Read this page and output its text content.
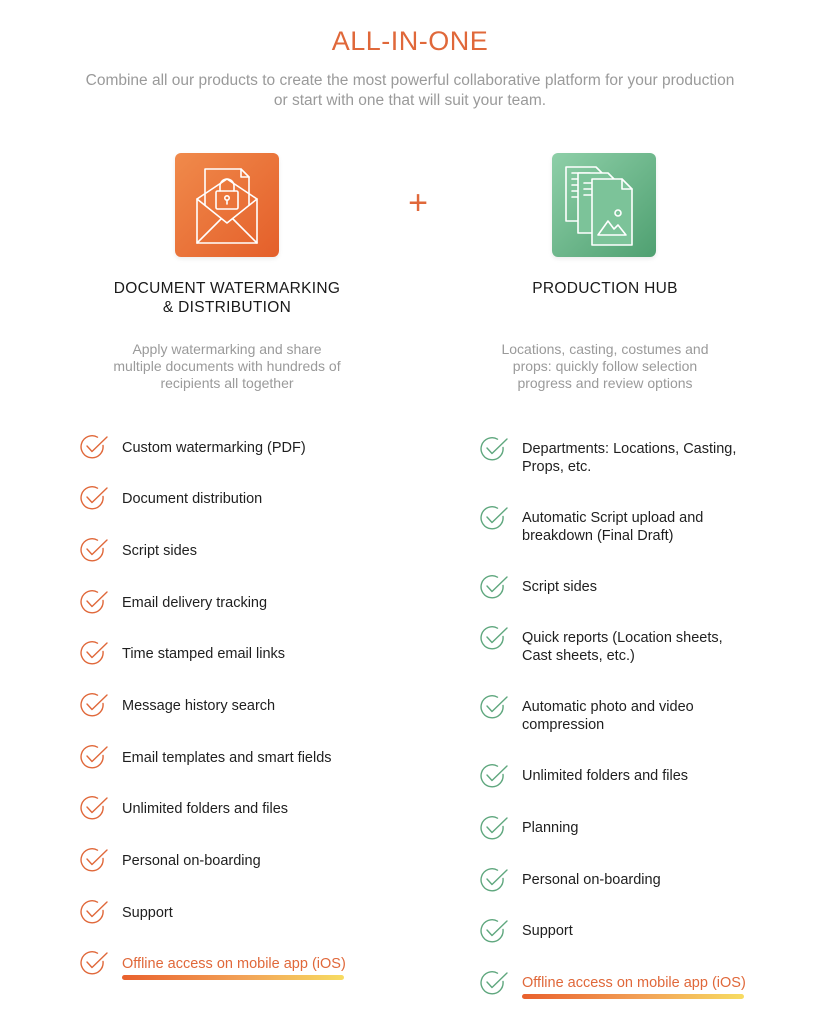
ALL-IN-ONE

Combine all our products to create the most powerful collaborative platform for your production
or start with one that will suit your team.

+
DOCUMENT WATERMARKING
& DISTRIBUTION
PRODUCTION HUB
Apply watermarking and share
multiple documents with hundreds of
recipients all together
Locations, casting, costumes and
props: quickly follow selection
progress and review options
Custom watermarking (PDF)
Document distribution
Script sides
Email delivery tracking
Time stamped email links
Message history search
Email templates and smart fields
Unlimited folders and files
Personal on-boarding
Support
Offline access on mobile app (iOS)
Departments: Locations, Casting,
Props, etc.
Automatic Script upload and
breakdown (Final Draft)
Script sides
Quick reports (Location sheets,
Cast sheets, etc.)
Automatic photo and video
compression
Unlimited folders and files
Planning
Personal on-boarding
Support
Offline access on mobile app (iOS)
